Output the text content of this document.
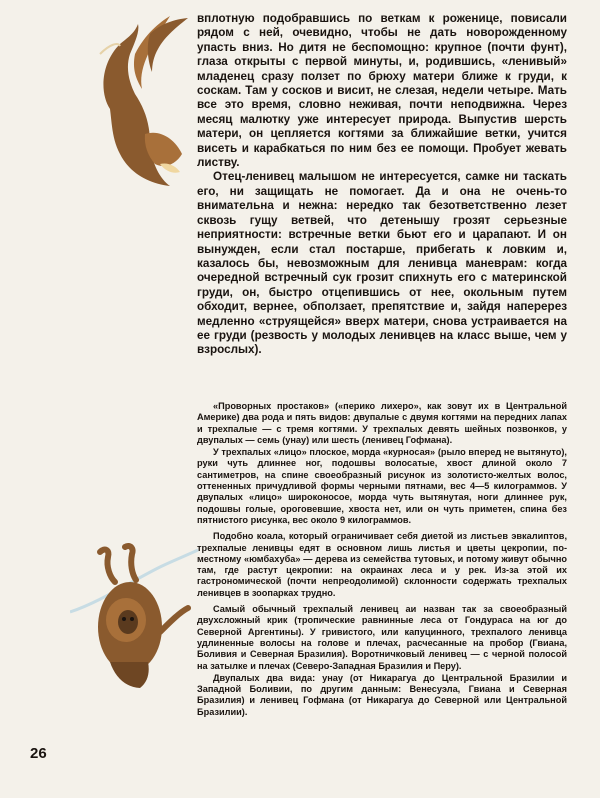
вплотную подобравшись по веткам к роженице, повисали рядом с ней, очевидно, чтобы не дать новорожденному упасть вниз. Но дитя не беспомощно: крупное (почти фунт), глаза открыты с первой минуты, и, родившись, «ленивый» младенец сразу ползет по брюху матери ближе к груди, к соскам. Там у сосков и висит, не слезая, недели четыре. Мать все это время, словно неживая, почти неподвижна. Через месяц малютку уже интересует природа. Выпустив шерсть матери, он цепляется когтями за ближайшие ветки, учится висеть и карабкаться по ним без ее помощи. Пробует жевать листву.

Отец-ленивец малышом не интересуется, самке ни таскать его, ни защищать не помогает. Да и она не очень-то внимательна и нежна: нередко так безответственно лезет сквозь гущу ветвей, что детенышу грозят серьезные неприятности: встречные ветки бьют его и царапают. И он вынужден, если стал постарше, прибегать к ловким и, казалось бы, невозможным для ленивца маневрам: когда очередной встречный сук грозит спихнуть его с материнской груди, он, быстро отцепившись от нее, окольным путем обходит, вернее, обползает, препятствие и, зайдя наперерез медленно «струящейся» вверх матери, снова устраивается на ее груди (резвость у молодых ленивцев на класс выше, чем у взрослых).

«Проворных простаков» («перико лихеро», как зовут их в Центральной Америке) два рода и пять видов: двупалые с двумя когтями на передних лапах и трехпалые — с тремя когтями. У трехпалых девять шейных позвонков, у двупалых — семь (унау) или шесть (ленивец Гофмана).

У трехпалых «лицо» плоское, морда «курносая» (рыло вперед не вытянуто), руки чуть длиннее ног, подошвы волосатые, хвост длиной около 7 сантиметров, на спине своеобразный рисунок из золотисто-желтых волос, оттененных причудливой формы черными пятнами, вес 4—5 килограммов. У двупалых «лицо» широконосое, морда чуть вытянутая, ноги длиннее рук, подошвы голые, ороговевшие, хвоста нет, или он чуть приметен, спина без пятнистого рисунка, вес около 9 килограммов.

Подобно коала, который ограничивает себя диетой из листьев эвкалиптов, трехпалые ленивцы едят в основном лишь листья и цветы цекропии, по-местному «юмбахуба» — дерева из семейства тутовых, и потому живут обычно там, где растут цекропии: на окраинах леса и у рек. Из-за этой их гастрономической (почти непреодолимой) склонности содержать трехпалых ленивцев в зоопарках трудно.

Самый обычный трехпалый ленивец аи назван так за своеобразный двухсложный крик (тропические равнинные леса от Гондураса на юг до Северной Аргентины). У гривистого, или капуцинного, трехпалого ленивца удлиненные волосы на голове и плечах, расчесанные на пробор (Гвиана, Боливия и Северная Бразилия). Воротничковый ленивец — с черной полосой на затылке и плечах (Северо-Западная Бразилия и Перу).

Двупалых два вида: унау (от Никарагуа до Центральной Бразилии и Западной Боливии, по другим данным: Венесуэла, Гвиана и Северная Бразилия) и ленивец Гофмана (от Никарагуа до Северной или Центральной Бразилии).

26
